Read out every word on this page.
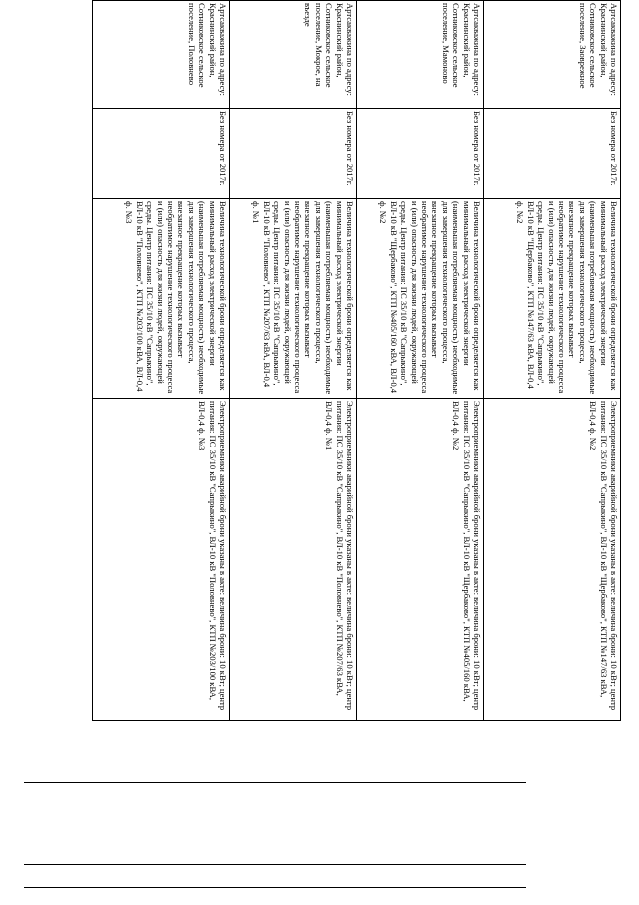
Артсакважина по адресу: Краснинский район, Сотниковское сельское поселение, Заоврежное	Без номера от 2017г.	Величина технологической брони определяется как минимальный расход электрической энергии (наименьшая потребляемая мощность) необходимые для завершения технологического процесса, внезапное прекращение которых вызывает необратимое нарушение технологического процесса и (или) опасность для жизни людей, окружающей среды. Центр питания: ПС 35/10 кВ "Сапрыкино", ВЛ-10 кВ "Щербаково", КТП №147/63 кВА, ВЛ-0,4 ф. №2	Электроприемники аварийной брони указаны в акте: величина брони: 10 кВт; центр питания: ПС 35/10 кВ "Сапрыкино", ВЛ-10 кВ "Щербаково", КТП №147/63 кВА, ВЛ-0,4 ф. №2
Артсакважина по адресу: Краснинский район, Сотниковское сельское поселение, Мамоново	Без номера от 2017г.	Величина технологической брони определяется как минимальный расход электрической энергии (наименьшая потребляемая мощность) необходимые для завершения технологического процесса, внезапное прекращение которых вызывает необратимое нарушение технологического процесса и (или) опасность для жизни людей, окружающей среды. Центр питания: ПС 35/10 кВ "Сапрыкино", ВЛ-10 кВ "Щербаково", КТП №405/160 кВА, ВЛ-0,4 ф. №2	Электроприемники аварийной брони указаны в акте: величина брони: 10 кВт; центр питания: ПС 35/10 кВ "Сапрыкино", ВЛ-10 кВ "Щербаково", КТП №405/160 кВА, ВЛ-0,4 ф. №2
Артсакважина по адресу: Краснинский район, Сотниковское сельское поселение, Мокрое, на въезде	Без номера от 2017г.	Величина технологической брони определяется как минимальный расход электрической энергии (наименьшая потребляемая мощность) необходимые для завершения технологического процесса, внезапное прекращение которых вызывает необратимое нарушение технологического процесса и (или) опасность для жизни людей, окружающей среды. Центр питания: ПС 35/10 кВ "Сапрыкино", ВЛ-10 кВ "Половнево", КТП №207/63 кВА, ВЛ-0,4 ф. №1	Электроприемники аварийной брони указаны в акте: величина брони: 10 кВт; центр питания: ПС 35/10 кВ "Сапрыкино", ВЛ-10 кВ "Половнево", КТП №207/63 кВА, ВЛ-0,4 ф. №1
Артсакважина по адресу: Краснинский район, Сотниковское сельское поселение, Половнево	Без номера от 2017г.	Величина технологической брони определяется как минимальный расход электрической энергии (наименьшая потребляемая мощность) необходимые для завершения технологического процесса, внезапное прекращение которых вызывает необратимое нарушение технологического процесса и (или) опасность для жизни людей, окружающей среды. Центр питания: ПС 35/10 кВ "Сапрыкино", ВЛ-10 кВ "Половнево", КТП №203/100 кВА, ВЛ-0,4 ф. №3	Электроприемники аварийной брони указаны в акте: величина брони: 10 кВт; центр питания: ПС 35/10 кВ "Сапрыкино", ВЛ-10 кВ "Половнево", КТП №203/100 кВА, ВЛ-0,4 ф. №3
